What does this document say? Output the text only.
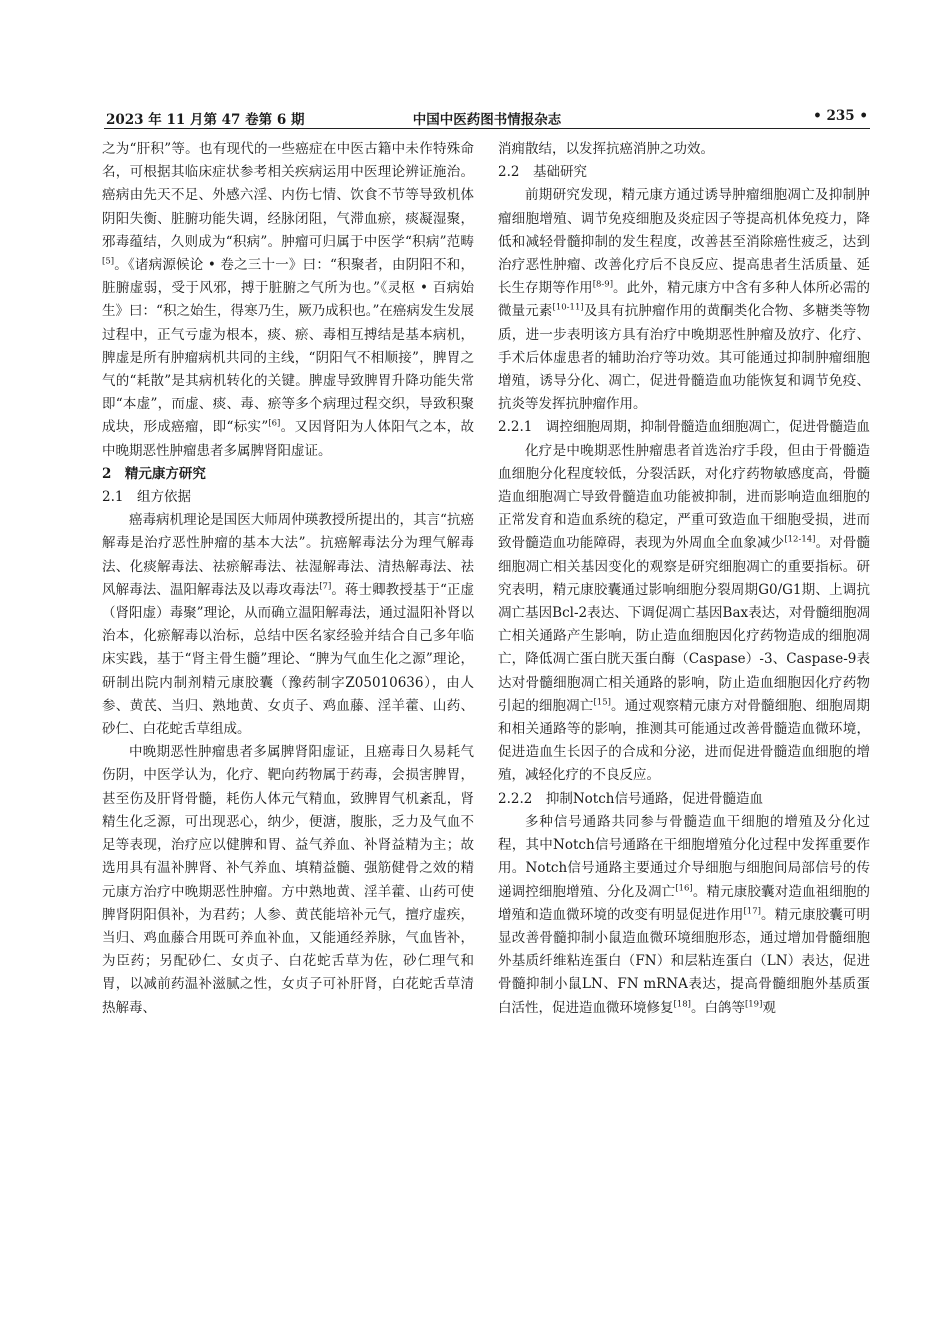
2023 年 11 月第 47 卷第 6 期	中国中医药图书情报杂志	• 235 •

之为“肝积”等。也有现代的一些癌症在中医古籍中未作特殊命名，可根据其临床症状参考相关疾病运用中医理论辨证施治。癌病由先天不足、外感六淫、内伤七情、饮食不节等导致机体阴阳失衡、脏腑功能失调，经脉闭阻，气滞血瘀，痰凝湿聚，邪毒蕴结，久则成为“积病”。肿瘤可归属于中医学“积病”范畴[5]。《诸病源候论 • 卷之三十一》曰：“积聚者，由阴阳不和，脏腑虚弱，受于风邪，搏于脏腑之气所为也。”《灵枢 • 百病始生》曰：“积之始生，得寒乃生，厥乃成积也。”在癌病发生发展过程中，正气亏虚为根本，痰、瘀、毒相互搏结是基本病机，脾虚是所有肿瘤病机共同的主线，“阴阳气不相顺接”，脾胃之气的“耗散”是其病机转化的关键。脾虚导致脾胃升降功能失常即“本虚”，而虚、痰、毒、瘀等多个病理过程交织，导致积聚成块，形成癌瘤，即“标实”[6]。又因肾阳为人体阳气之本，故中晚期恶性肿瘤患者多属脾肾阳虚证。

2　精元康方研究

2.1　组方依据

癌毒病机理论是国医大师周仲瑛教授所提出的，其言“抗癌解毒是治疗恶性肿瘤的基本大法”。抗癌解毒法分为理气解毒法、化痰解毒法、祛瘀解毒法、祛湿解毒法、清热解毒法、祛风解毒法、温阳解毒法及以毒攻毒法[7]。蒋士卿教授基于“正虚（肾阳虚）毒聚”理论，从而确立温阳解毒法，通过温阳补肾以治本，化瘀解毒以治标，总结中医名家经验并结合自己多年临床实践，基于“肾主骨生髓”理论、“脾为气血生化之源”理论，研制出院内制剂精元康胶囊（豫药制字Z05010636），由人参、黄芪、当归、熟地黄、女贞子、鸡血藤、淫羊藿、山药、砂仁、白花蛇舌草组成。

中晚期恶性肿瘤患者多属脾肾阳虚证，且癌毒日久易耗气伤阴，中医学认为，化疗、靶向药物属于药毒，会损害脾胃，甚至伤及肝肾骨髓，耗伤人体元气精血，致脾胃气机紊乱，肾精生化乏源，可出现恶心，纳少，便溏，腹胀，乏力及气血不足等表现，治疗应以健脾和胃、益气养血、补肾益精为主；故选用具有温补脾肾、补气养血、填精益髓、强筋健骨之效的精元康方治疗中晚期恶性肿瘤。方中熟地黄、淫羊藿、山药可使脾肾阴阳俱补，为君药；人参、黄芪能培补元气，擅疗虚疾，当归、鸡血藤合用既可养血补血，又能通经养脉，气血皆补，为臣药；另配砂仁、女贞子、白花蛇舌草为佐，砂仁理气和胃，以减前药温补滋腻之性，女贞子可补肝肾，白花蛇舌草清热解毒、

消痈散结，以发挥抗癌消肿之功效。

2.2　基础研究

前期研究发现，精元康方通过诱导肿瘤细胞凋亡及抑制肿瘤细胞增殖、调节免疫细胞及炎症因子等提高机体免疫力，降低和减轻骨髓抑制的发生程度，改善甚至消除癌性疲乏，达到治疗恶性肿瘤、改善化疗后不良反应、提高患者生活质量、延长生存期等作用[8-9]。此外，精元康方中含有多种人体所必需的微量元素[10-11]及具有抗肿瘤作用的黄酮类化合物、多糖类等物质，进一步表明该方具有治疗中晚期恶性肿瘤及放疗、化疗、手术后体虚患者的辅助治疗等功效。其可能通过抑制肿瘤细胞增殖，诱导分化、凋亡，促进骨髓造血功能恢复和调节免疫、抗炎等发挥抗肿瘤作用。

2.2.1　调控细胞周期，抑制骨髓造血细胞凋亡，促进骨髓造血

化疗是中晚期恶性肿瘤患者首选治疗手段，但由于骨髓造血细胞分化程度较低，分裂活跃，对化疗药物敏感度高，骨髓造血细胞凋亡导致骨髓造血功能被抑制，进而影响造血细胞的正常发育和造血系统的稳定，严重可致造血干细胞受损，进而致骨髓造血功能障碍，表现为外周血全血象减少[12-14]。对骨髓细胞凋亡相关基因变化的观察是研究细胞凋亡的重要指标。研究表明，精元康胶囊通过影响细胞分裂周期G0/G1期、上调抗凋亡基因Bcl-2表达、下调促凋亡基因Bax表达，对骨髓细胞凋亡相关通路产生影响，防止造血细胞因化疗药物造成的细胞凋亡，降低凋亡蛋白胱天蛋白酶（Caspase）-3、Caspase-9表达对骨髓细胞凋亡相关通路的影响，防止造血细胞因化疗药物引起的细胞凋亡[15]。通过观察精元康方对骨髓细胞、细胞周期和相关通路等的影响，推测其可能通过改善骨髓造血微环境，促进造血生长因子的合成和分泌，进而促进骨髓造血细胞的增殖，减轻化疗的不良反应。

2.2.2　抑制Notch信号通路，促进骨髓造血

多种信号通路共同参与骨髓造血干细胞的增殖及分化过程，其中Notch信号通路在干细胞增殖分化过程中发挥重要作用。Notch信号通路主要通过介导细胞与细胞间局部信号的传递调控细胞增殖、分化及凋亡[16]。精元康胶囊对造血祖细胞的增殖和造血微环境的改变有明显促进作用[17]。精元康胶囊可明显改善骨髓抑制小鼠造血微环境细胞形态，通过增加骨髓细胞外基质纤维粘连蛋白（FN）和层粘连蛋白（LN）表达，促进骨髓抑制小鼠LN、FN mRNA表达，提高骨髓细胞外基质蛋白活性，促进造血微环境修复[18]。白鸽等[19]观
